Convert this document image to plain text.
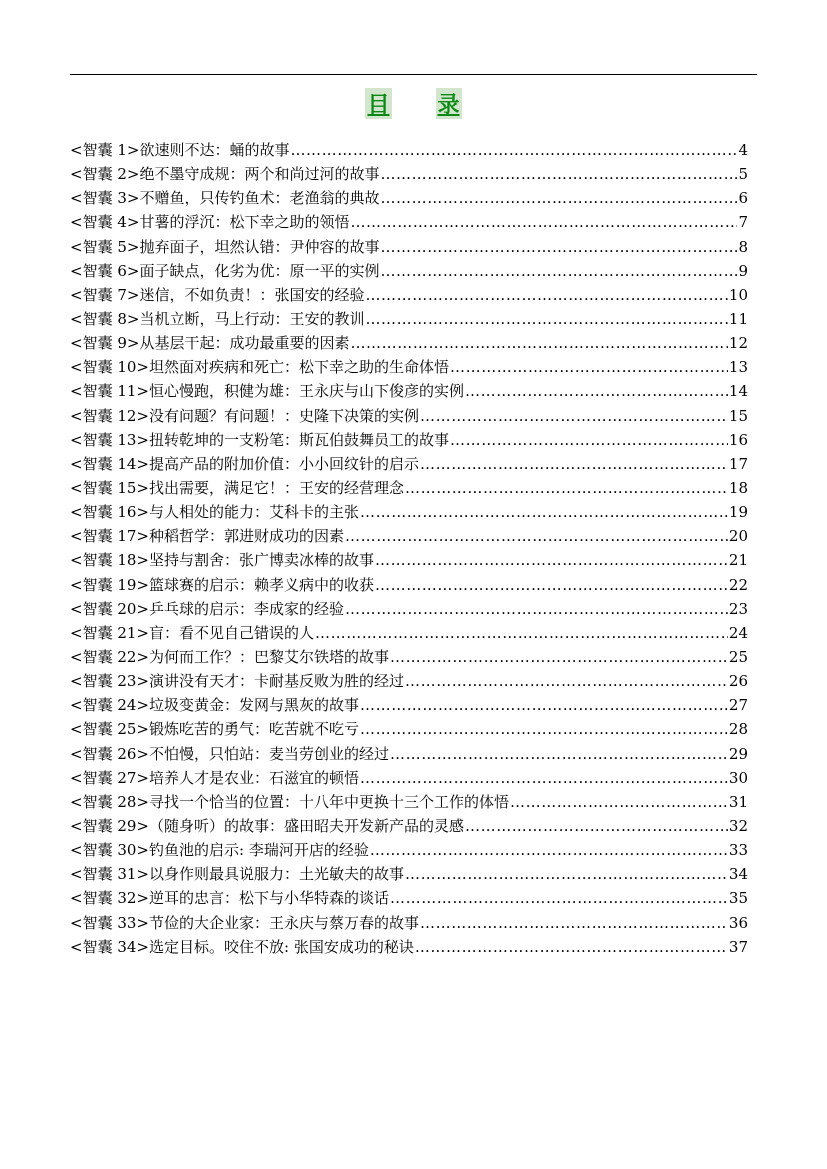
目 录
<智囊 1>欲速则不达：蛹的故事 …………………………………………………………………………………………………………………………………………………………………………………………	4
<智囊 2>绝不墨守成规：两个和尚过河的故事 …………………………………………………………………………………………………………………………………………………………………………………………	5
<智囊 3>不赠鱼，只传钓鱼术：老渔翁的典故 …………………………………………………………………………………………………………………………………………………………………………………………	6
<智囊 4>甘薯的浮沉：松下幸之助的领悟 …………………………………………………………………………………………………………………………………………………………………………………………	7
<智囊 5>抛弃面子，坦然认错：尹仲容的故事 …………………………………………………………………………………………………………………………………………………………………………………………	8
<智囊 6>面子缺点，化劣为优：原一平的实例 …………………………………………………………………………………………………………………………………………………………………………………………	9
<智囊 7>迷信，不如负责！：张国安的经验 …………………………………………………………………………………………………………………………………………………………………………………………	10
<智囊 8>当机立断，马上行动：王安的教训 …………………………………………………………………………………………………………………………………………………………………………………………	11
<智囊 9>从基层干起：成功最重要的因素 …………………………………………………………………………………………………………………………………………………………………………………………	12
<智囊 10>坦然面对疾病和死亡：松下幸之助的生命体悟 …………………………………………………………………………………………………………………………………………………………………………………………	13
<智囊 11>恒心慢跑，积健为雄：王永庆与山下俊彦的实例 …………………………………………………………………………………………………………………………………………………………………………………………	14
<智囊 12>没有问题？有问题！：史隆下决策的实例 …………………………………………………………………………………………………………………………………………………………………………………………	15
<智囊 13>扭转乾坤的一支粉笔：斯瓦伯鼓舞员工的故事 …………………………………………………………………………………………………………………………………………………………………………………………	16
<智囊 14>提高产品的附加价值：小小回纹针的启示 …………………………………………………………………………………………………………………………………………………………………………………………	17
<智囊 15>找出需要，满足它！：王安的经营理念 …………………………………………………………………………………………………………………………………………………………………………………………	18
<智囊 16>与人相处的能力：艾科卡的主张 …………………………………………………………………………………………………………………………………………………………………………………………	19
<智囊 17>种稻哲学：郭进财成功的因素 …………………………………………………………………………………………………………………………………………………………………………………………	20
<智囊 18>坚持与割舍：张广博卖冰棒的故事 …………………………………………………………………………………………………………………………………………………………………………………………	21
<智囊 19>篮球赛的启示：赖孝义病中的收获 …………………………………………………………………………………………………………………………………………………………………………………………	22
<智囊 20>乒乓球的启示：李成家的经验 …………………………………………………………………………………………………………………………………………………………………………………………	23
<智囊 21>盲：看不见自己错误的人 …………………………………………………………………………………………………………………………………………………………………………………………	24
<智囊 22>为何而工作？：巴黎艾尔铁塔的故事 …………………………………………………………………………………………………………………………………………………………………………………………	25
<智囊 23>演讲没有天才：卡耐基反败为胜的经过 …………………………………………………………………………………………………………………………………………………………………………………………	26
<智囊 24>垃圾变黄金：发网与黑灰的故事 …………………………………………………………………………………………………………………………………………………………………………………………	27
<智囊 25>锻炼吃苦的勇气：吃苦就不吃亏 …………………………………………………………………………………………………………………………………………………………………………………………	28
<智囊 26>不怕慢，只怕站：麦当劳创业的经过 …………………………………………………………………………………………………………………………………………………………………………………………	29
<智囊 27>培养人才是农业：石滋宜的顿悟 …………………………………………………………………………………………………………………………………………………………………………………………	30
<智囊 28>寻找一个恰当的位置：十八年中更换十三个工作的体悟 …………………………………………………………………………………………………………………………………………………………………………………………	31
<智囊 29>（随身听）的故事：盛田昭夫开发新产品的灵感 …………………………………………………………………………………………………………………………………………………………………………………………	32
<智囊 30>钓鱼池的启示: 李瑞河开店的经验 …………………………………………………………………………………………………………………………………………………………………………………………	33
<智囊 31>以身作则最具说服力：土光敏夫的故事 …………………………………………………………………………………………………………………………………………………………………………………………	34
<智囊 32>逆耳的忠言：松下与小华特森的谈话 …………………………………………………………………………………………………………………………………………………………………………………………	35
<智囊 33>节俭的大企业家：王永庆与蔡万春的故事 …………………………………………………………………………………………………………………………………………………………………………………………	36
<智囊 34>选定目标。咬住不放: 张国安成功的秘诀 …………………………………………………………………………………………………………………………………………………………………………………………	37
